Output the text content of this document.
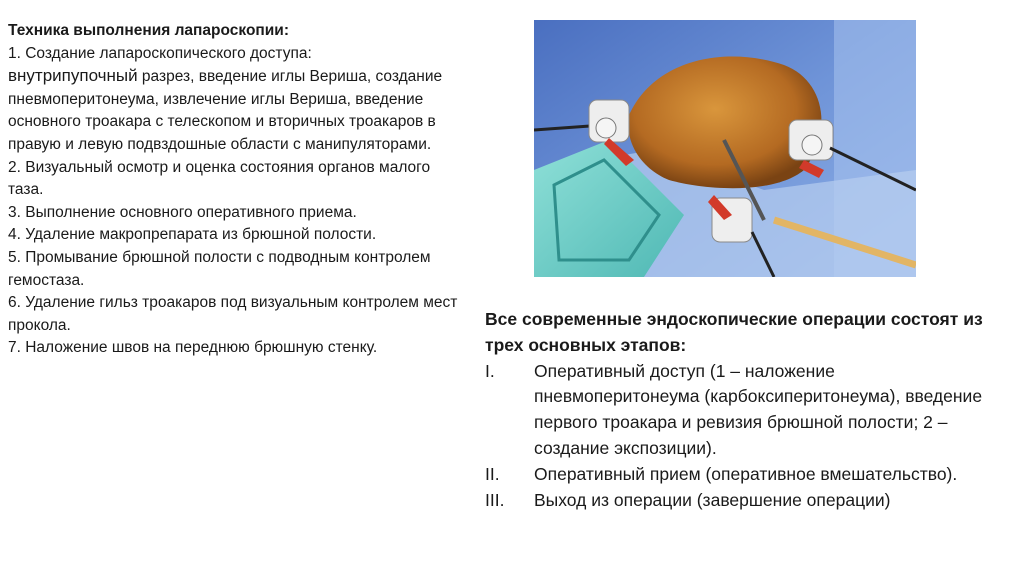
Техника выполнения лапароскопии:
1. Создание лапароскопического доступа:
внутрипупочный разрез, введение иглы Вериша, создание пневмоперитонеума, извлечение иглы Вериша, введение основного троакара с телескопом и вторичных троакаров в правую и левую подвздошные области с манипуляторами.
2. Визуальный осмотр и оценка состояния органов малого таза.
3. Выполнение основного оперативного приема.
4. Удаление макропрепарата из брюшной полости.
5. Промывание брюшной полости с подводным контролем гемостаза.
6. Удаление гильз троакаров под визуальным контролем мест прокола.
7. Наложение швов на переднюю брюшную стенку.
Все современные эндоскопические операции состоят из трех основных этапов:
I.	Оперативный доступ (1 – наложение пневмоперитонеума (карбоксиперитонеума), введение первого троакара и ревизия брюшной полости; 2 – создание экспозиции).
II.	Оперативный прием (оперативное вмешательство).
III.	Выход из операции (завершение операции)
